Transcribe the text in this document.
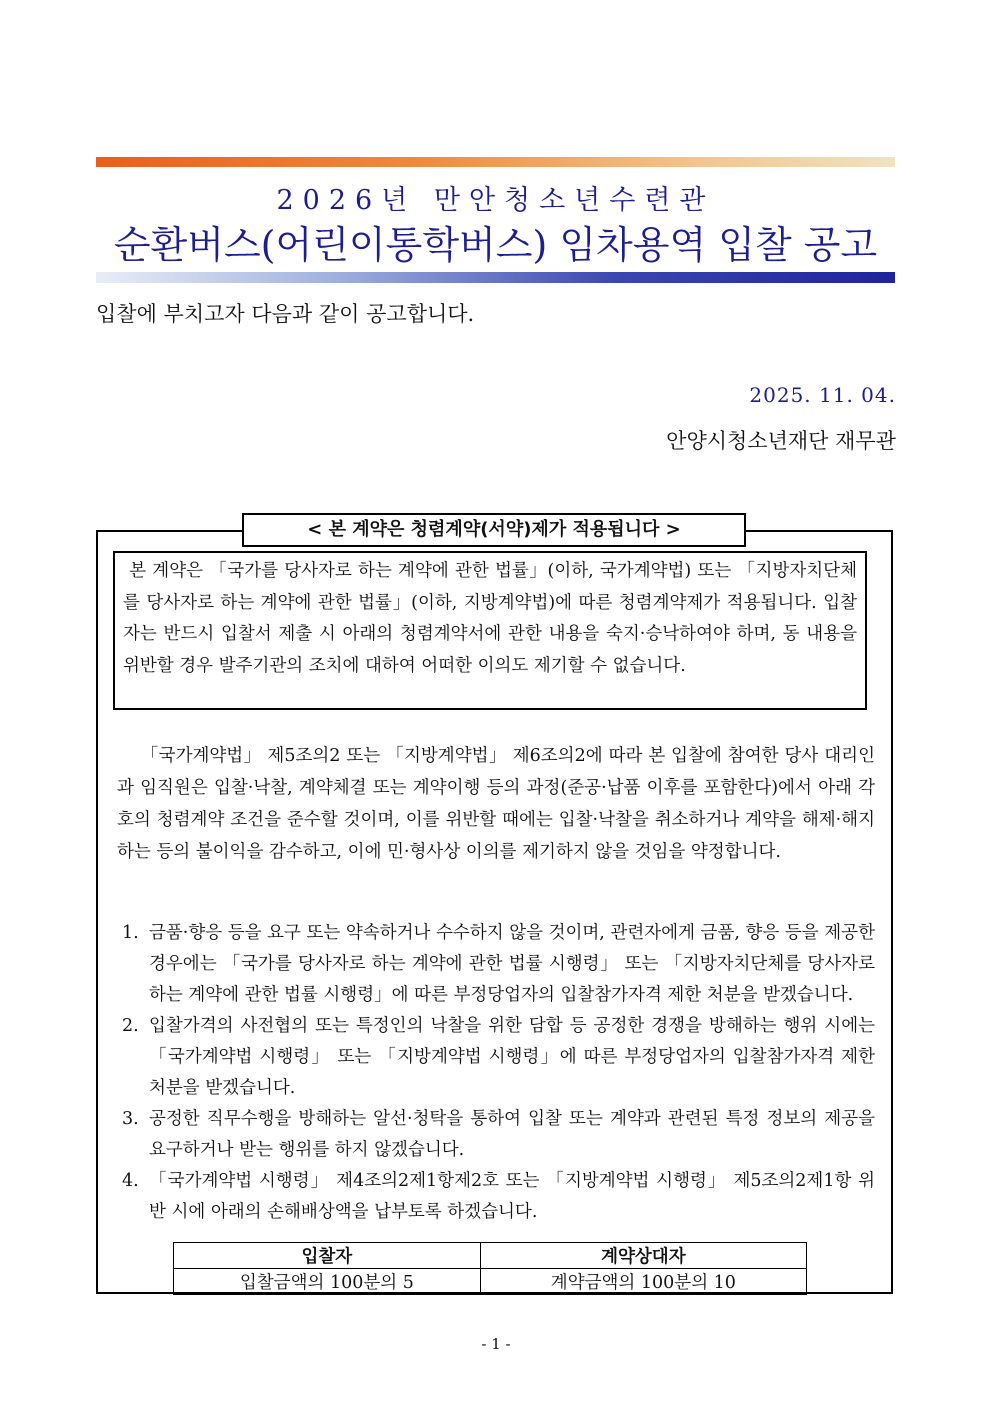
2026년 만안청소년수련관
순환버스(어린이통학버스) 임차용역 입찰 공고
입찰에 부치고자 다음과 같이 공고합니다.
2025. 11. 04.
안양시청소년재단 재무관
< 본 계약은 청렴계약(서약)제가 적용됩니다 >
본 계약은 「국가를 당사자로 하는 계약에 관한 법률」(이하, 국가계약법) 또는 「지방자치단체를 당사자로 하는 계약에 관한 법률」(이하, 지방계약법)에 따른 청렴계약제가 적용됩니다. 입찰자는 반드시 입찰서 제출 시 아래의 청렴계약서에 관한 내용을 숙지·승낙하여야 하며, 동 내용을 위반할 경우 발주기관의 조치에 대하여 어떠한 이의도 제기할 수 없습니다.
「국가계약법」 제5조의2 또는 「지방계약법」 제6조의2에 따라 본 입찰에 참여한 당사 대리인과 임직원은 입찰·낙찰, 계약체결 또는 계약이행 등의 과정(준공·납품 이후를 포함한다)에서 아래 각 호의 청렴계약 조건을 준수할 것이며, 이를 위반할 때에는 입찰·낙찰을 취소하거나 계약을 해제·해지하는 등의 불이익을 감수하고, 이에 민·형사상 이의를 제기하지 않을 것임을 약정합니다.
1. 금품·향응 등을 요구 또는 약속하거나 수수하지 않을 것이며, 관련자에게 금품, 향응 등을 제공한 경우에는 「국가를 당사자로 하는 계약에 관한 법률 시행령」 또는 「지방자치단체를 당사자로 하는 계약에 관한 법률 시행령」에 따른 부정당업자의 입찰참가자격 제한 처분을 받겠습니다.
2. 입찰가격의 사전협의 또는 특정인의 낙찰을 위한 담합 등 공정한 경쟁을 방해하는 행위 시에는 「국가계약법 시행령」 또는 「지방계약법 시행령」에 따른 부정당업자의 입찰참가자격 제한 처분을 받겠습니다.
3. 공정한 직무수행을 방해하는 알선·청탁을 통하여 입찰 또는 계약과 관련된 특정 정보의 제공을 요구하거나 받는 행위를 하지 않겠습니다.
4. 「국가계약법 시행령」 제4조의2제1항제2호 또는 「지방계약법 시행령」 제5조의2제1항 위반 시에 아래의 손해배상액을 납부토록 하겠습니다.
입찰자	계약상대자
입찰금액의 100분의 5	계약금액의 100분의 10
- 1 -
